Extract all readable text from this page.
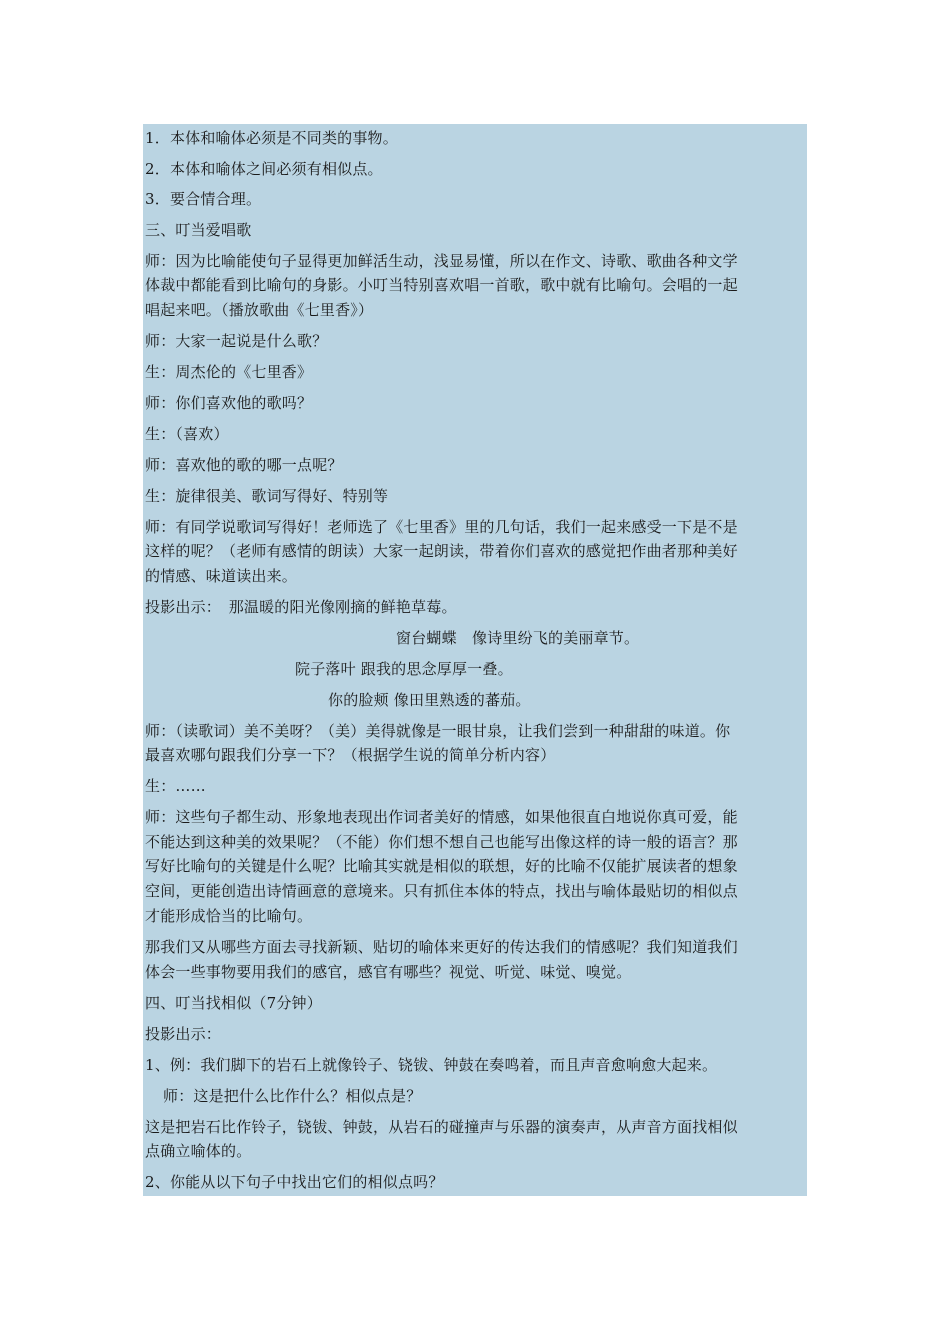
1．本体和喻体必须是不同类的事物。
2．本体和喻体之间必须有相似点。
3．要合情合理。
三、叮当爱唱歌
师：因为比喻能使句子显得更加鲜活生动，浅显易懂，所以在作文、诗歌、歌曲各种文学
体裁中都能看到比喻句的身影。小叮当特别喜欢唱一首歌，歌中就有比喻句。会唱的一起
唱起来吧。（播放歌曲《七里香》）
师：大家一起说是什么歌？
生：周杰伦的《七里香》
师：你们喜欢他的歌吗？
生：（喜欢）
师：喜欢他的歌的哪一点呢？
生：旋律很美、歌词写得好、特别等
师：有同学说歌词写得好！老师选了《七里香》里的几句话，我们一起来感受一下是不是
这样的呢？（老师有感情的朗读）大家一起朗读，带着你们喜欢的感觉把作曲者那种美好
的情感、味道读出来。
投影出示：　那温暖的阳光像刚摘的鲜艳草莓。
窗台蝴蝶　像诗里纷飞的美丽章节。
院子落叶 跟我的思念厚厚一叠。
你的脸颊 像田里熟透的蕃茄。
师：（读歌词）美不美呀？（美）美得就像是一眼甘泉，让我们尝到一种甜甜的味道。你
最喜欢哪句跟我们分享一下？（根据学生说的简单分析内容）
生：……
师：这些句子都生动、形象地表现出作词者美好的情感，如果他很直白地说你真可爱，能
不能达到这种美的效果呢？（不能）你们想不想自己也能写出像这样的诗一般的语言？那
写好比喻句的关键是什么呢？比喻其实就是相似的联想，好的比喻不仅能扩展读者的想象
空间，更能创造出诗情画意的意境来。只有抓住本体的特点，找出与喻体最贴切的相似点
才能形成恰当的比喻句。
那我们又从哪些方面去寻找新颖、贴切的喻体来更好的传达我们的情感呢？我们知道我们
体会一些事物要用我们的感官，感官有哪些？视觉、听觉、味觉、嗅觉。
四、叮当找相似（7分钟）
投影出示：
1、例：我们脚下的岩石上就像铃子、铙钹、钟鼓在奏鸣着，而且声音愈响愈大起来。
师：这是把什么比作什么？相似点是？
这是把岩石比作铃子，铙钹、钟鼓，从岩石的碰撞声与乐器的演奏声，从声音方面找相似
点确立喻体的。
2、你能从以下句子中找出它们的相似点吗？
